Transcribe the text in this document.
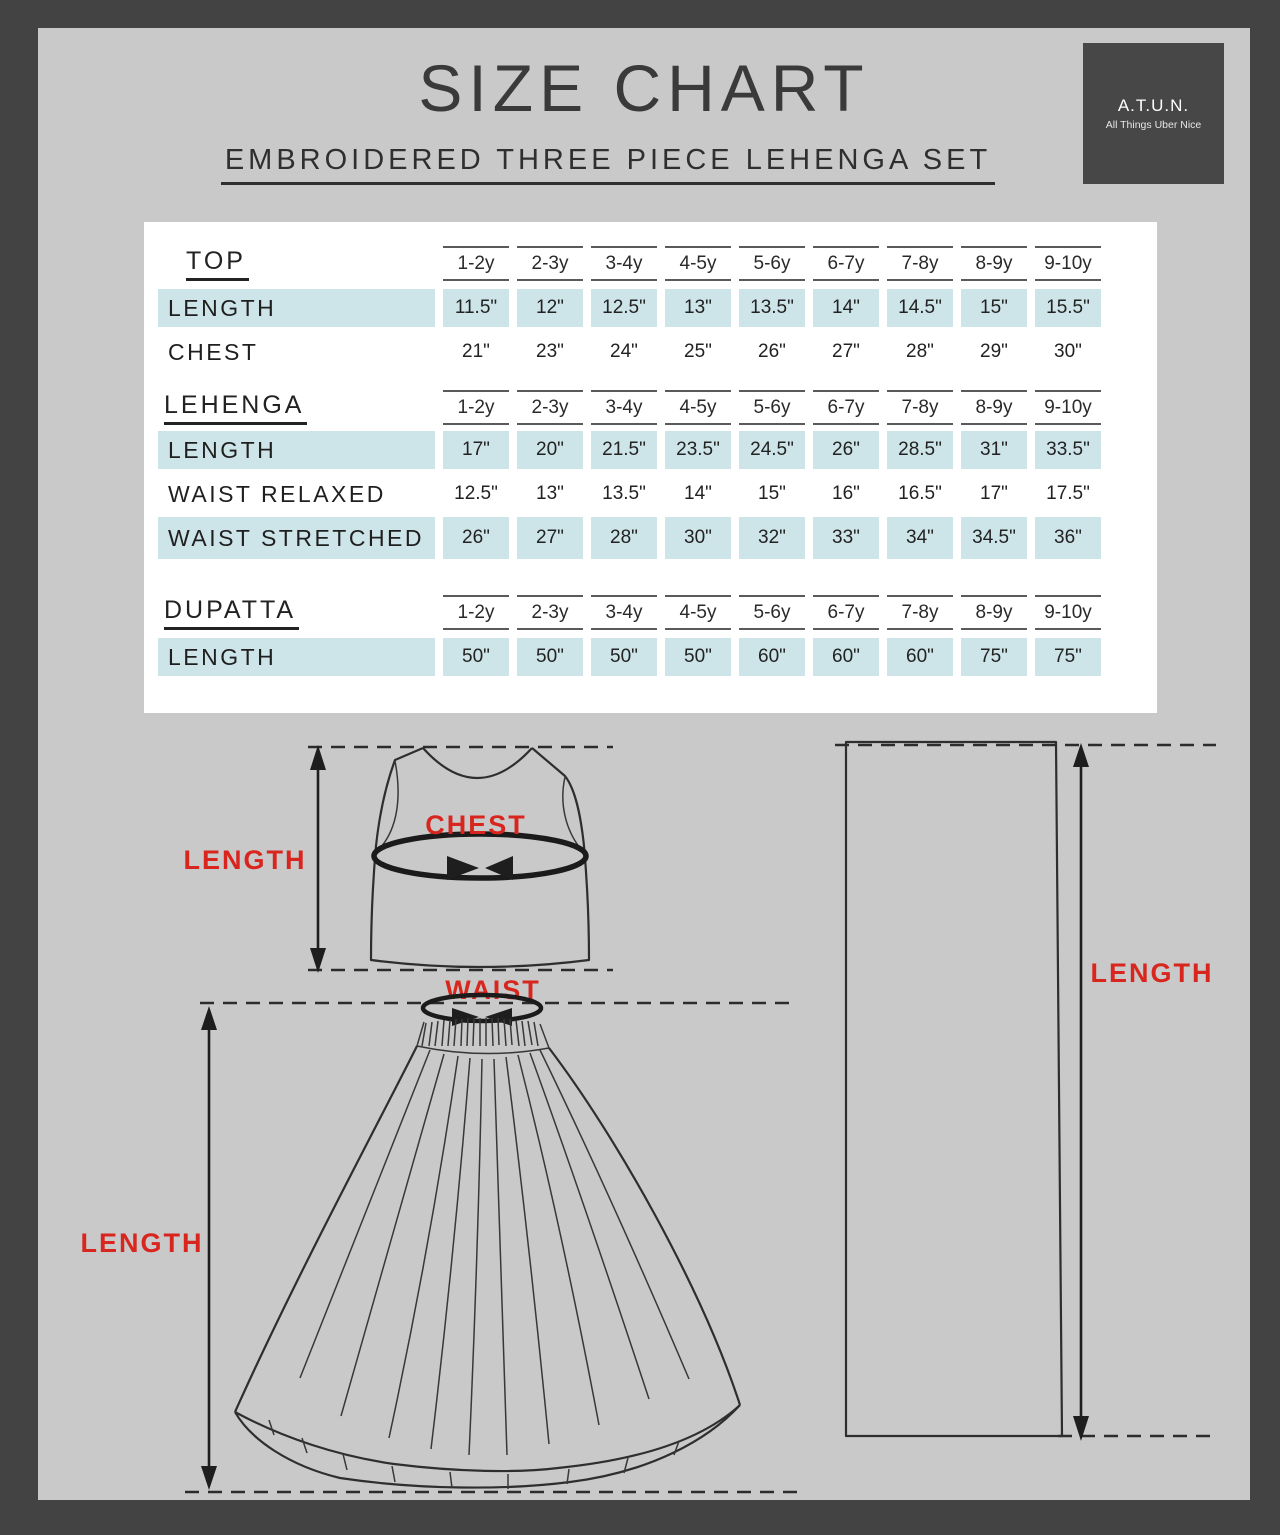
SIZE CHART
EMBROIDERED THREE PIECE LEHENGA SET
A.T.U.N.
All Things Uber Nice
TOP	1-2y	2-3y	3-4y	4-5y	5-6y	6-7y	7-8y	8-9y	9-10y
LENGTH	11.5"	12"	12.5"	13"	13.5"	14"	14.5"	15"	15.5"
CHEST	21"	23"	24"	25"	26"	27"	28"	29"	30"
LEHENGA	1-2y	2-3y	3-4y	4-5y	5-6y	6-7y	7-8y	8-9y	9-10y
LENGTH	17"	20"	21.5"	23.5"	24.5"	26"	28.5"	31"	33.5"
WAIST RELAXED	12.5"	13"	13.5"	14"	15"	16"	16.5"	17"	17.5"
WAIST STRETCHED	26"	27"	28"	30"	32"	33"	34"	34.5"	36"
DUPATTA	1-2y	2-3y	3-4y	4-5y	5-6y	6-7y	7-8y	8-9y	9-10y
LENGTH	50"	50"	50"	50"	60"	60"	60"	75"	75"
LENGTH
CHEST
WAIST
LENGTH
LENGTH
